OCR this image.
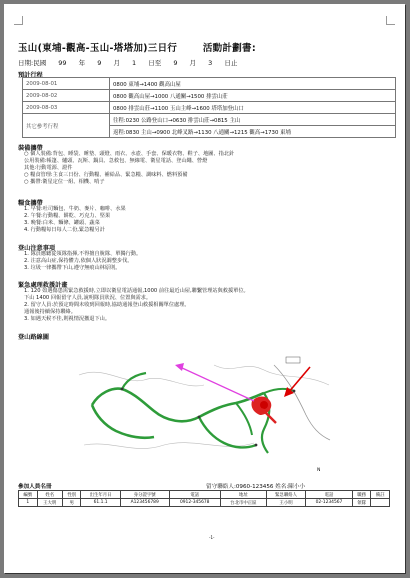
玉山(東埔-觀高-玉山-塔塔加)三日行	活動計劃書:
日期:民國 99 年 9 月 1 日至 9 月 3 日止
預計行程
2009-08-01	0800 東埔→1400 觀高山屋
2009-08-02	0800 觀高山屋→1000 八通關→1500 排雲山莊
2009-08-03	0800 排雲山莊→1100 玉山主峰→1600 塔塔加登山口
其它參考行程	往程:0230 公路登山口→0630 排雲山莊→0815 主山
	返程:0830 主山→0900 北峰叉路→1130 八通關→1215 觀高→1730 東埔
裝備攜帶
○ 個人裝備:背包、睡袋、睡墊、頭燈、雨衣、水壺、手套、保暖衣物、鞋子、地圖、指北針
公用裝備:帳篷、爐頭、瓦斯、鍋具、急救包、無線電、衛星電話、登山繩、營燈
其他:行動電源、證件
○ 糧食管理:主食三日份、行動糧、補給品、緊急糧、調味料、燃料預備
○ 攜帶:衛星定位一組、相機、哨子
糧食攜帶
1. 早餐:吐司麵包、牛奶、麥片、咖啡、水果
2. 午餐:行動糧、餅乾、巧克力、堅果
3. 晚餐:白米、麵條、罐頭、蔬菜
4. 行動糧每日每人二份,緊急糧另計
登山注意事項
1. 隊員應聽從領隊指揮,不得擅自脫隊、單獨行動。
2. 注意高山症,保持體力,依個人狀況調整步伐。
3. 垃圾一律攜帶下山,遵守無痕山林原則。
緊急處理救援計畫
1. 120 如遇傷患需緊急救援時,立即以衛星電話通報,1000 前往最近山屋,聯繫管理站與救援單位。
下山 1400 回報留守人員,說明隊員狀況、位置與需求。
2. 留守人員:於預定時間未收到回報時,協助通報登山救援相關單位處理。
通報後持續保持聯絡。
3. 如遇天候不佳,則視情況撤退下山。
登山路線圖
N
參加人員名冊	留守聯絡人:0960-123456 姓名:陳小小
編號	姓名	性別	出生年月日	身分證字號	電話	地址	緊急聯絡人	電話	職務	備註
1	王大明	男	61.1.1	A123456789	0912-345678	台北市中正區	王小明	02-1234567	領隊	

-1-
